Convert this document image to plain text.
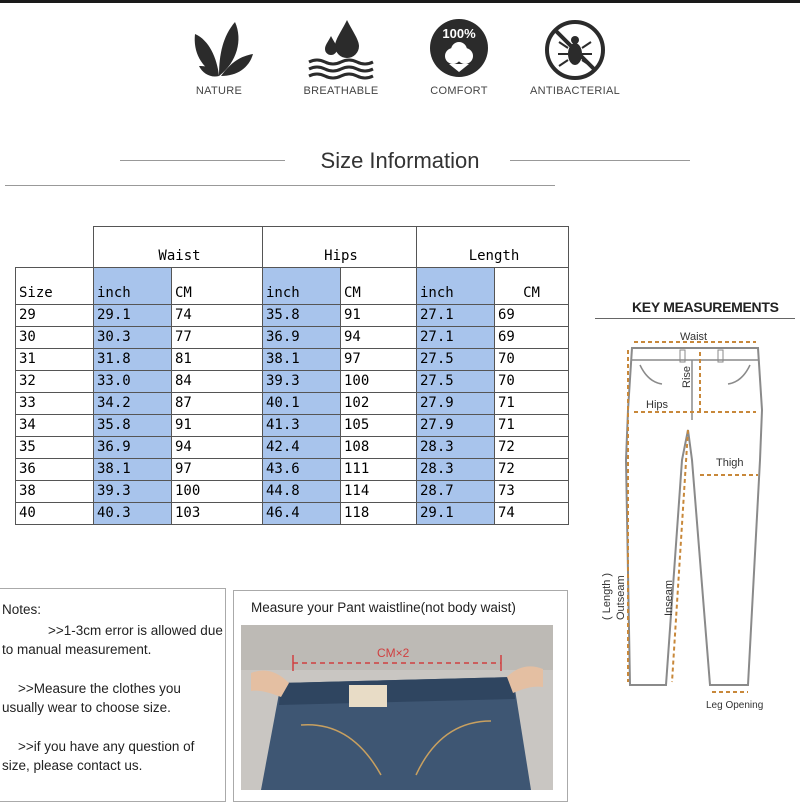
NATURE	BREATHABLE
100%
COMFORT	ANTIBACTERIAL
Size Information
	Waist		Hips		Length	
Size	inch	CM	inch	CM	inch	CM
29	29.1	74	35.8	91	27.1	69
30	30.3	77	36.9	94	27.1	69
31	31.8	81	38.1	97	27.5	70
32	33.0	84	39.3	100	27.5	70
33	34.2	87	40.1	102	27.9	71
34	35.8	91	41.3	105	27.9	71
35	36.9	94	42.4	108	28.3	72
36	38.1	97	43.6	111	28.3	72
38	39.3	100	44.8	114	28.7	73
40	40.3	103	46.4	118	29.1	74
KEY MEASUREMENTS
Waist
Rise
Hips
Thigh
( Length ) Outseam	Inseam
Leg Opening

Notes:

>>1-3cm error is allowed due
to manual measurement.

>>Measure the clothes you
usually wear to choose size.

>>if you have any question of
size, please contact us.

Measure your Pant waistline(not body waist)
CM×2
